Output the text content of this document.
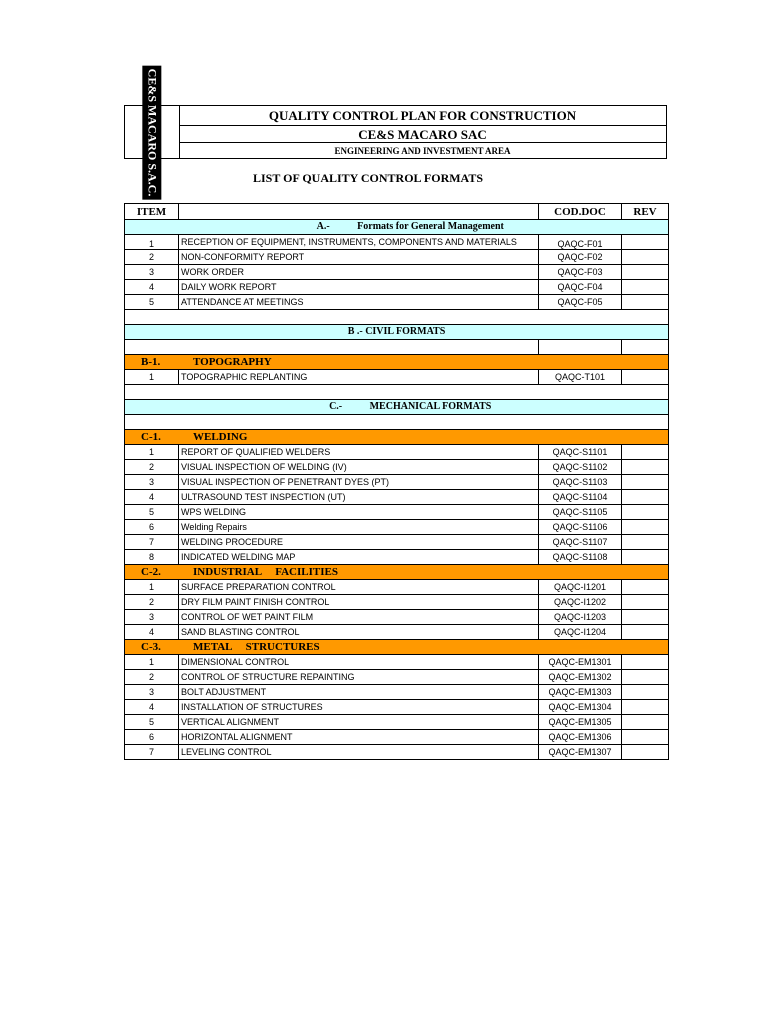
CE&S MACARO S.A.C.	QUALITY CONTROL PLAN FOR CONSTRUCTION
CE&S MACARO SAC
ENGINEERING AND INVESTMENT AREA
LIST OF QUALITY CONTROL FORMATS
ITEM		COD.DOC	REV
A.- Formats for General Management			
1	RECEPTION OF EQUIPMENT, INSTRUMENTS, COMPONENTS AND MATERIALS	QAQC-F01	
2	NON-CONFORMITY REPORT	QAQC-F02	
3	WORK ORDER	QAQC-F03	
4	DAILY WORK REPORT	QAQC-F04	
5	ATTENDANCE AT MEETINGS	QAQC-F05	

B .- CIVIL FORMATS			

B-1. TOPOGRAPHY			
1	TOPOGRAPHIC REPLANTING	QAQC-T101	

C.- MECHANICAL FORMATS			

C-1. WELDING			
1	REPORT OF QUALIFIED WELDERS	QAQC-S1101	
2	VISUAL INSPECTION OF WELDING (IV)	QAQC-S1102	
3	VISUAL INSPECTION OF PENETRANT DYES (PT)	QAQC-S1103	
4	ULTRASOUND TEST INSPECTION (UT)	QAQC-S1104	
5	WPS WELDING	QAQC-S1105	
6	Welding Repairs	QAQC-S1106	
7	WELDING PROCEDURE	QAQC-S1107	
8	INDICATED WELDING MAP	QAQC-S1108	
C-2. INDUSTRIAL     FACILITIES			
1	SURFACE PREPARATION CONTROL	QAQC-I1201	
2	DRY FILM PAINT FINISH CONTROL	QAQC-I1202	
3	CONTROL OF WET PAINT FILM	QAQC-I1203	
4	SAND BLASTING CONTROL	QAQC-I1204	
C-3. METAL     STRUCTURES			
1	DIMENSIONAL CONTROL	QAQC-EM1301	
2	CONTROL OF STRUCTURE REPAINTING	QAQC-EM1302	
3	BOLT ADJUSTMENT	QAQC-EM1303	
4	INSTALLATION OF STRUCTURES	QAQC-EM1304	
5	VERTICAL ALIGNMENT	QAQC-EM1305	
6	HORIZONTAL ALIGNMENT	QAQC-EM1306	
7	LEVELING CONTROL	QAQC-EM1307	
